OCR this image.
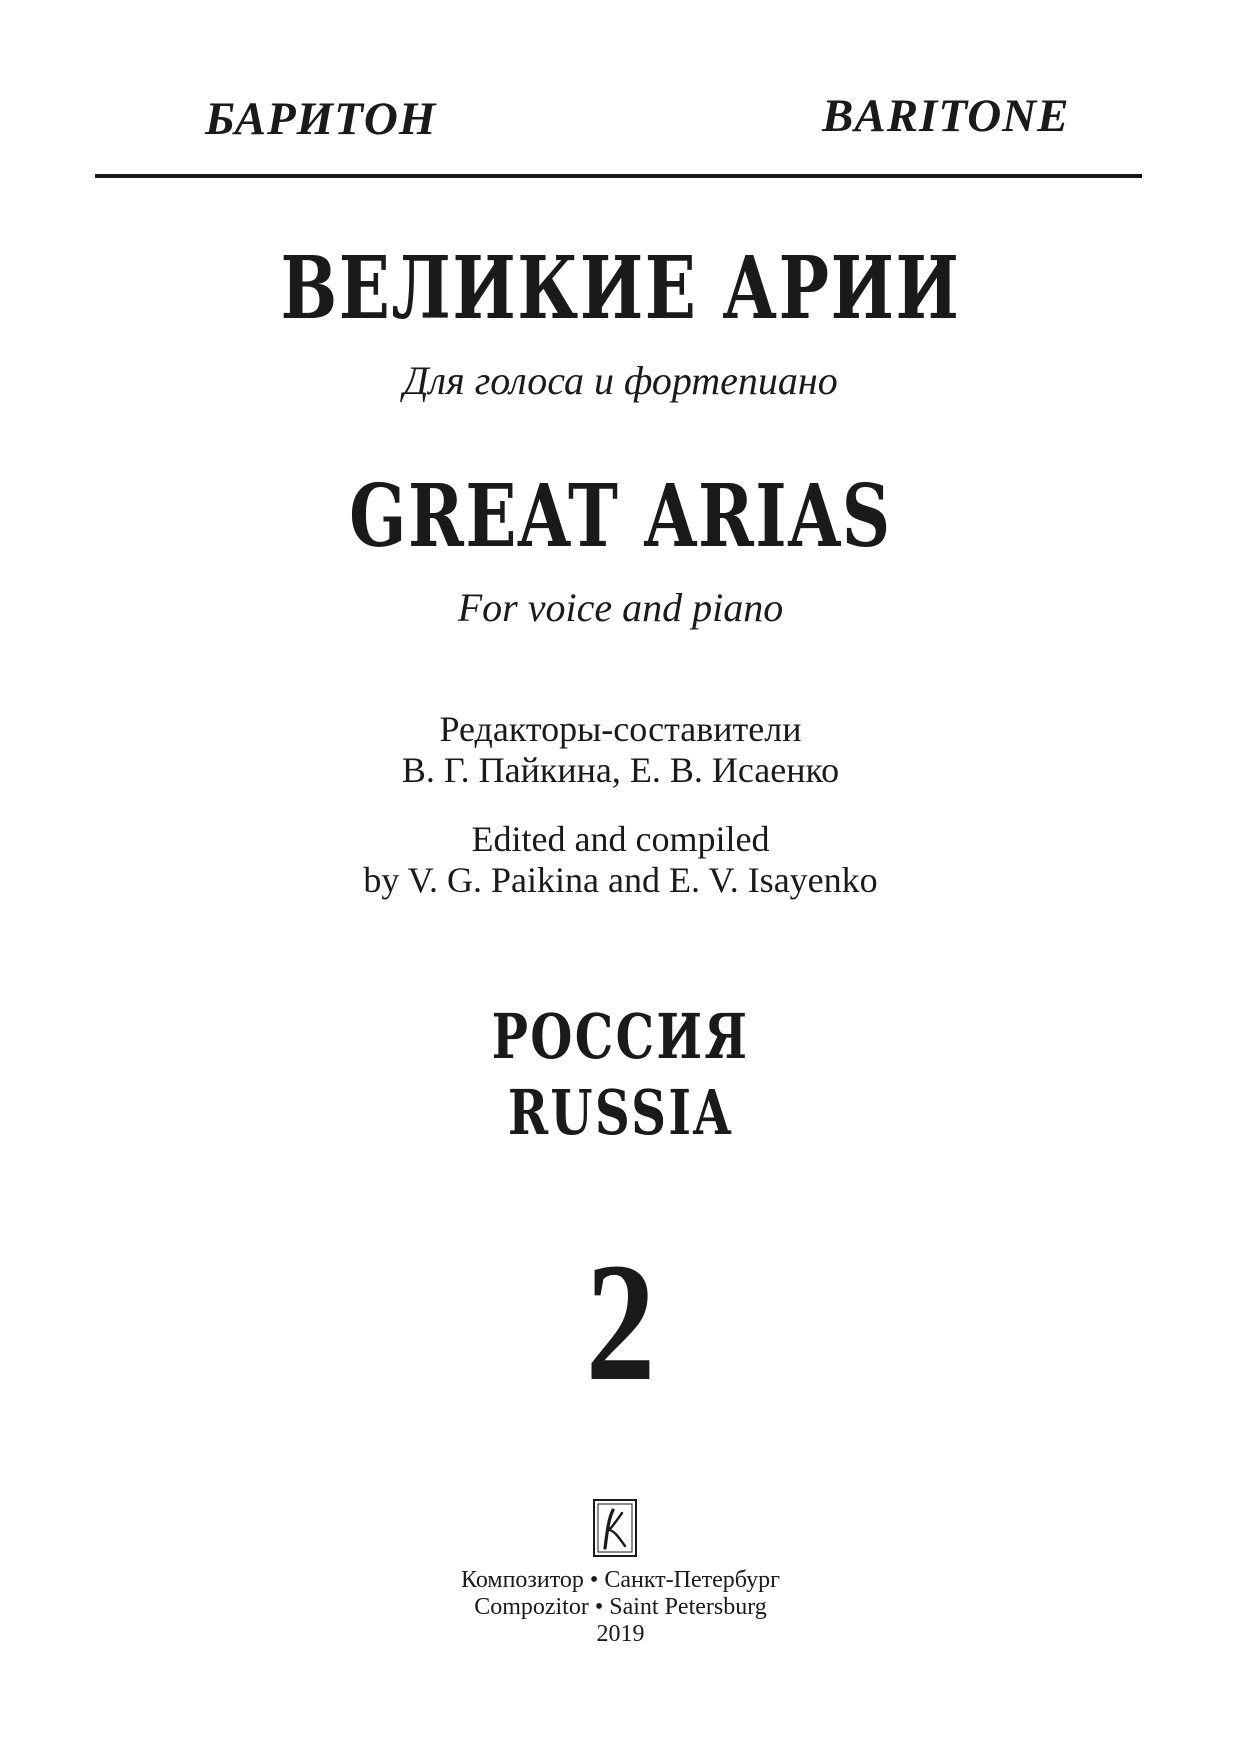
БАРИТОН	BARITONE
ВЕЛИКИЕ АРИИ
Для голоса и фортепиано
GREAT ARIAS
For voice and piano
Редакторы-составители
В. Г. Пайкина, Е. В. Исаенко
Edited and compiled
by V. G. Paikina and E. V. Isayenko
РОССИЯ
RUSSIA
2
Композитор • Санкт-Петербург
Compozitor • Saint Petersburg
2019
